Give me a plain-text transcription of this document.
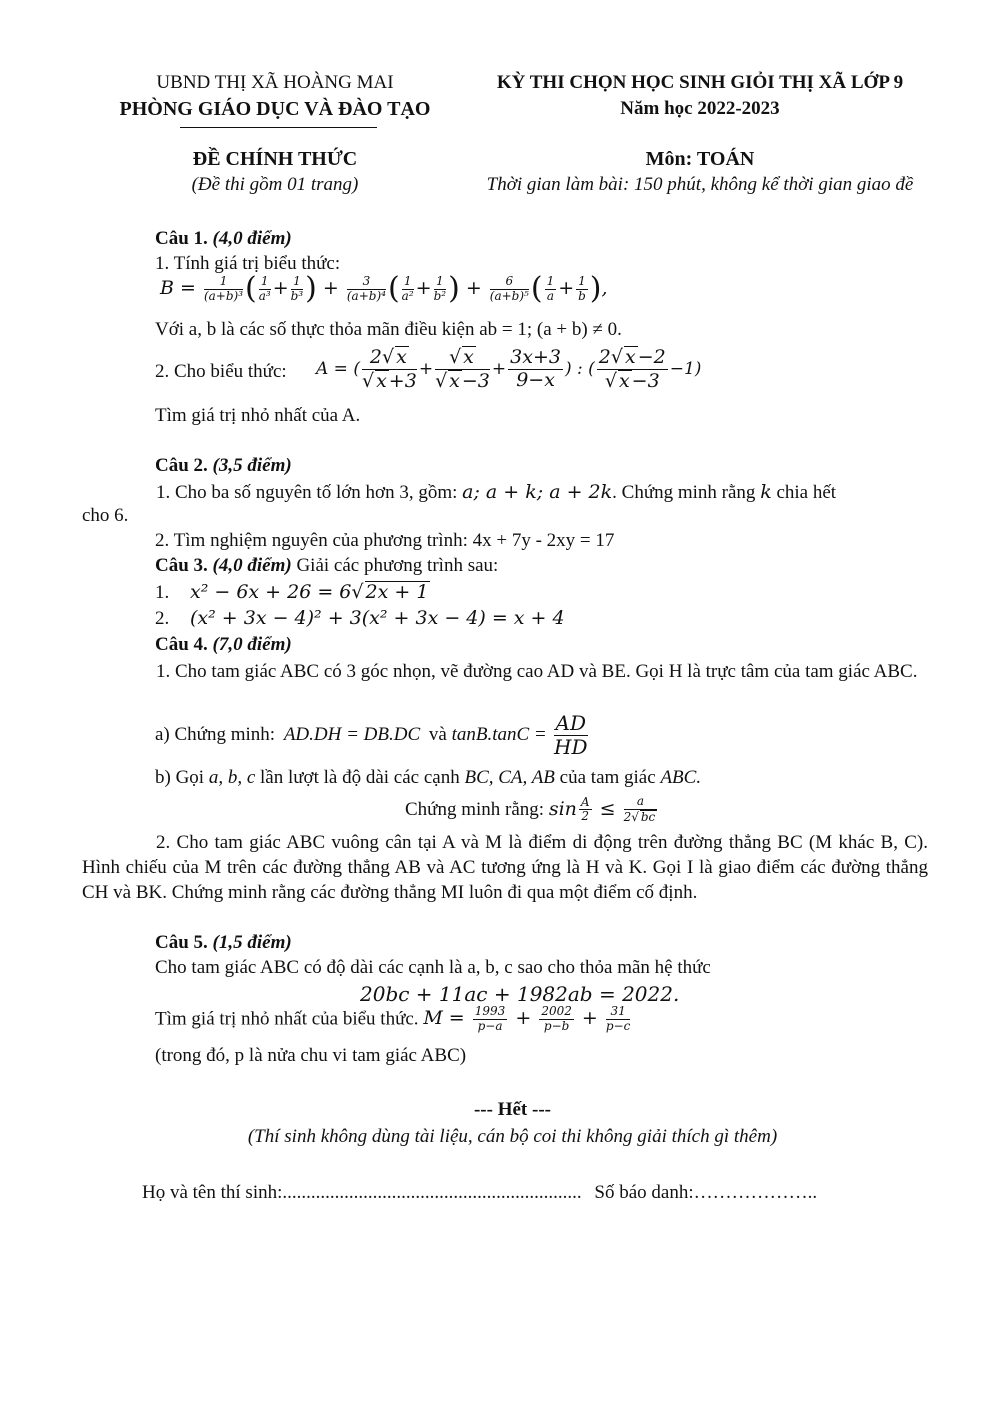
UBND THỊ XÃ HOÀNG MAI
PHÒNG GIÁO DỤC VÀ ĐÀO TẠO
KỲ THI CHỌN HỌC SINH GIỎI THỊ XÃ LỚP 9
Năm học 2022-2023
ĐỀ CHÍNH THỨC
(Đề thi gồm 01 trang)
Môn: TOÁN
Thời gian làm bài: 150 phút, không kể thời gian giao đề
Câu 1. (4,0 điểm)
1. Tính giá trị biểu thức:
$B = \frac{1}{\text{(a+b)³}}$ ( $\frac{1}{\text{a³}} + \frac{1}{\text{b³}}$ ) + $\frac{3}{\text{(a+b)⁴}}$ ( $\frac{1}{\text{a²}} + \frac{1}{\text{b²}}$ ) + $\frac{6}{\text{(a+b)⁵}}$ ( $\frac{1}{a} + \frac{1}{b}$ ),
Với a, b là các số thực thỏa mãn điều kiện ab = 1; (a + b) ≠ 0.
2. Cho biểu thức: A = ( $\frac{2√ x}{√ x +3} + \frac{√ x}{√ x -3} + \frac{3x+3}{9-x}$ ) : ( $\frac{2√ x -2}{√ x -3} -1$)
Tìm giá trị nhỏ nhất của A.
Câu 2. (3,5 điểm)
1. Cho ba số nguyên tố lớn hơn 3, gồm: a; a + k; a + 2k. Chứng minh rằng k chia hết
cho 6.
2. Tìm nghiệm nguyên của phương trình: 4x + 7y - 2xy = 17
Câu 3. (4,0 điểm) Giải các phương trình sau:
1. x² − 6x + 26 = 6√ 2x + 1
2. (x² + 3x − 4)² + 3(x² + 3x − 4) = x + 4
Câu 4. (7,0 điểm)
1. Cho tam giác ABC có 3 góc nhọn, vẽ đường cao AD và BE. Gọi H là trực tâm của tam giác ABC.
a) Chứng minh: AD.DH = DB.DC và $\tan B.\tan C = \frac{AD}{HD}$
b) Gọi a, b, c lần lượt là độ dài các cạnh BC, CA, AB của tam giác ABC.
Chứng minh rằng: $\sin \frac{A}{2} \le \frac{a}{2√ bc}$
2. Cho tam giác ABC vuông cân tại A và M là điểm di động trên đường thẳng BC (M khác B, C). Hình chiếu của M trên các đường thẳng AB và AC tương ứng là H và K. Gọi I là giao điểm các đường thẳng CH và BK. Chứng minh rằng các đường thẳng MI luôn đi qua một điểm cố định.
Câu 5. (1,5 điểm)
Cho tam giác ABC có độ dài các cạnh là a, b, c sao cho thỏa mãn hệ thức
20bc + 11ac + 1982ab = 2022.
Tìm giá trị nhỏ nhất của biểu thức. $M = \frac{1993}{p-a} + \frac{2002}{p-b} + \frac{31}{p-c}$
(trong đó, p là nửa chu vi tam giác ABC)
--- Hết ---
(Thí sinh không dùng tài liệu, cán bộ coi thi không giải thích gì thêm)
Họ và tên thí sinh:............................................................... Số báo danh:………………..
